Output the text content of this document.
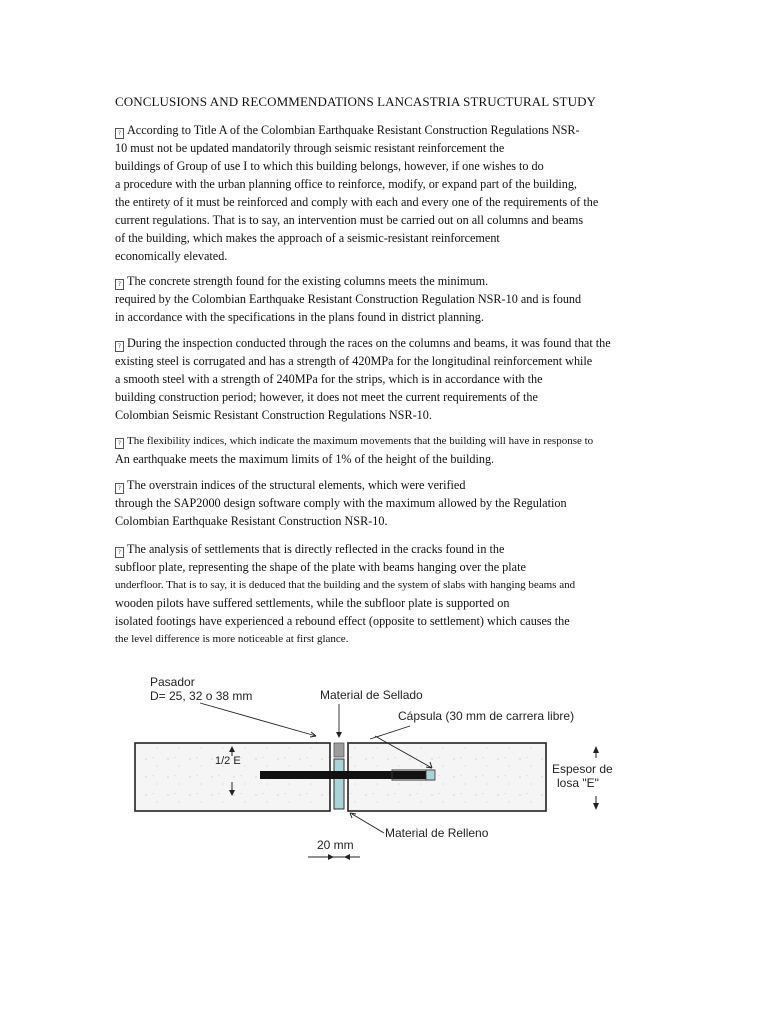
CONCLUSIONS AND RECOMMENDATIONS LANCASTRIA STRUCTURAL STUDY
? According to Title A of the Colombian Earthquake Resistant Construction Regulations NSR-
10 must not be updated mandatorily through seismic resistant reinforcement the
buildings of Group of use I to which this building belongs, however, if one wishes to do
a procedure with the urban planning office to reinforce, modify, or expand part of the building,
the entirety of it must be reinforced and comply with each and every one of the requirements of the
current regulations. That is to say, an intervention must be carried out on all columns and beams
of the building, which makes the approach of a seismic-resistant reinforcement
economically elevated.
? The concrete strength found for the existing columns meets the minimum.
required by the Colombian Earthquake Resistant Construction Regulation NSR-10 and is found
in accordance with the specifications in the plans found in district planning.
? During the inspection conducted through the races on the columns and beams, it was found that the
existing steel is corrugated and has a strength of 420MPa for the longitudinal reinforcement while
a smooth steel with a strength of 240MPa for the strips, which is in accordance with the
building construction period; however, it does not meet the current requirements of the
Colombian Seismic Resistant Construction Regulations NSR-10.
? The flexibility indices, which indicate the maximum movements that the building will have in response to
An earthquake meets the maximum limits of 1% of the height of the building.
? The overstrain indices of the structural elements, which were verified
through the SAP2000 design software comply with the maximum allowed by the Regulation
Colombian Earthquake Resistant Construction NSR-10.
? The analysis of settlements that is directly reflected in the cracks found in the
subfloor plate, representing the shape of the plate with beams hanging over the plate
underfloor. That is to say, it is deduced that the building and the system of slabs with hanging beams and
wooden pilots have suffered settlements, while the subfloor plate is supported on
isolated footings have experienced a rebound effect (opposite to settlement) which causes the
the level difference is more noticeable at first glance.
Pasador
D= 25, 32 o 38 mm	Material de Sellado
Cápsula (30 mm de carrera libre)
1/2 E
Espesor de
losa "E"
Material de Relleno
20 mm
